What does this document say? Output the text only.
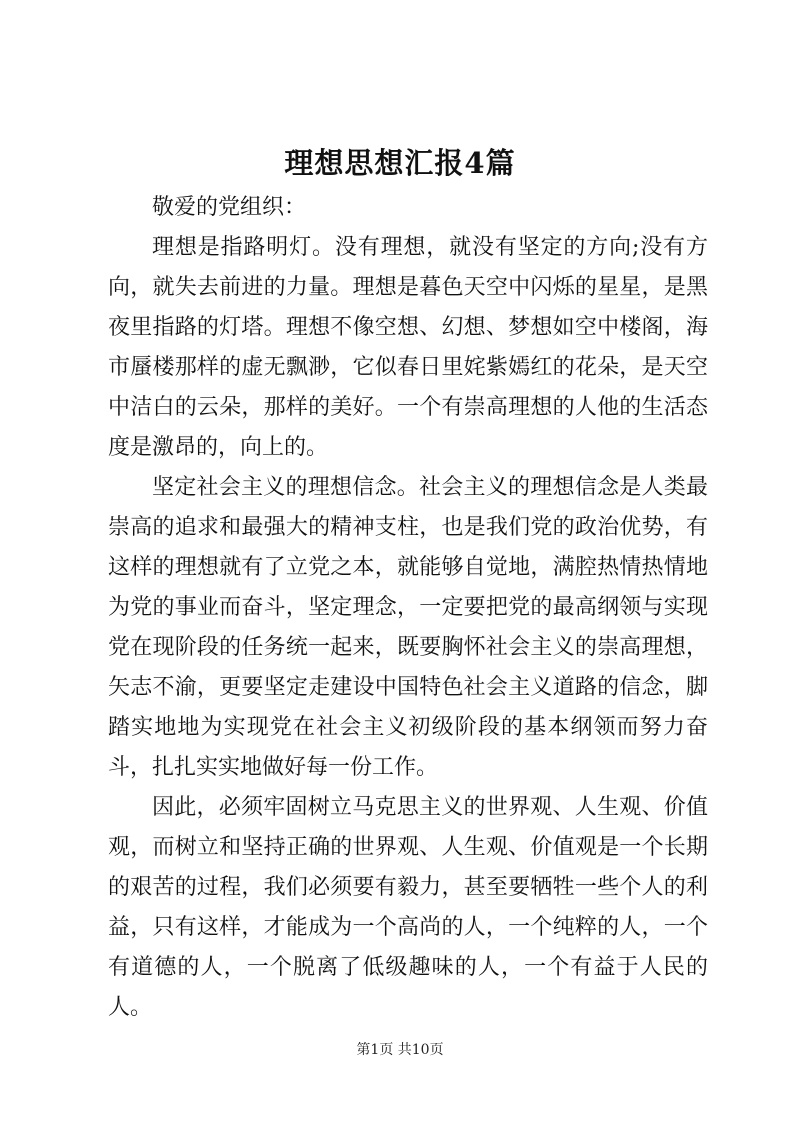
理想思想汇报4篇

敬爱的党组织：

理想是指路明灯。没有理想，就没有坚定的方向;没有方向，就失去前进的力量。理想是暮色天空中闪烁的星星，是黑夜里指路的灯塔。理想不像空想、幻想、梦想如空中楼阁，海市蜃楼那样的虚无飘渺，它似春日里姹紫嫣红的花朵，是天空中洁白的云朵，那样的美好。一个有崇高理想的人他的生活态度是激昂的，向上的。

坚定社会主义的理想信念。社会主义的理想信念是人类最崇高的追求和最强大的精神支柱，也是我们党的政治优势，有这样的理想就有了立党之本，就能够自觉地，满腔热情热情地为党的事业而奋斗，坚定理念，一定要把党的最高纲领与实现党在现阶段的任务统一起来，既要胸怀社会主义的崇高理想，矢志不渝，更要坚定走建设中国特色社会主义道路的信念，脚踏实地地为实现党在社会主义初级阶段的基本纲领而努力奋斗，扎扎实实地做好每一份工作。

因此，必须牢固树立马克思主义的世界观、人生观、价值观，而树立和坚持正确的世界观、人生观、价值观是一个长期的艰苦的过程，我们必须要有毅力，甚至要牺牲一些个人的利益，只有这样，才能成为一个高尚的人，一个纯粹的人，一个有道德的人，一个脱离了低级趣味的人，一个有益于人民的人。

第1页 共10页
